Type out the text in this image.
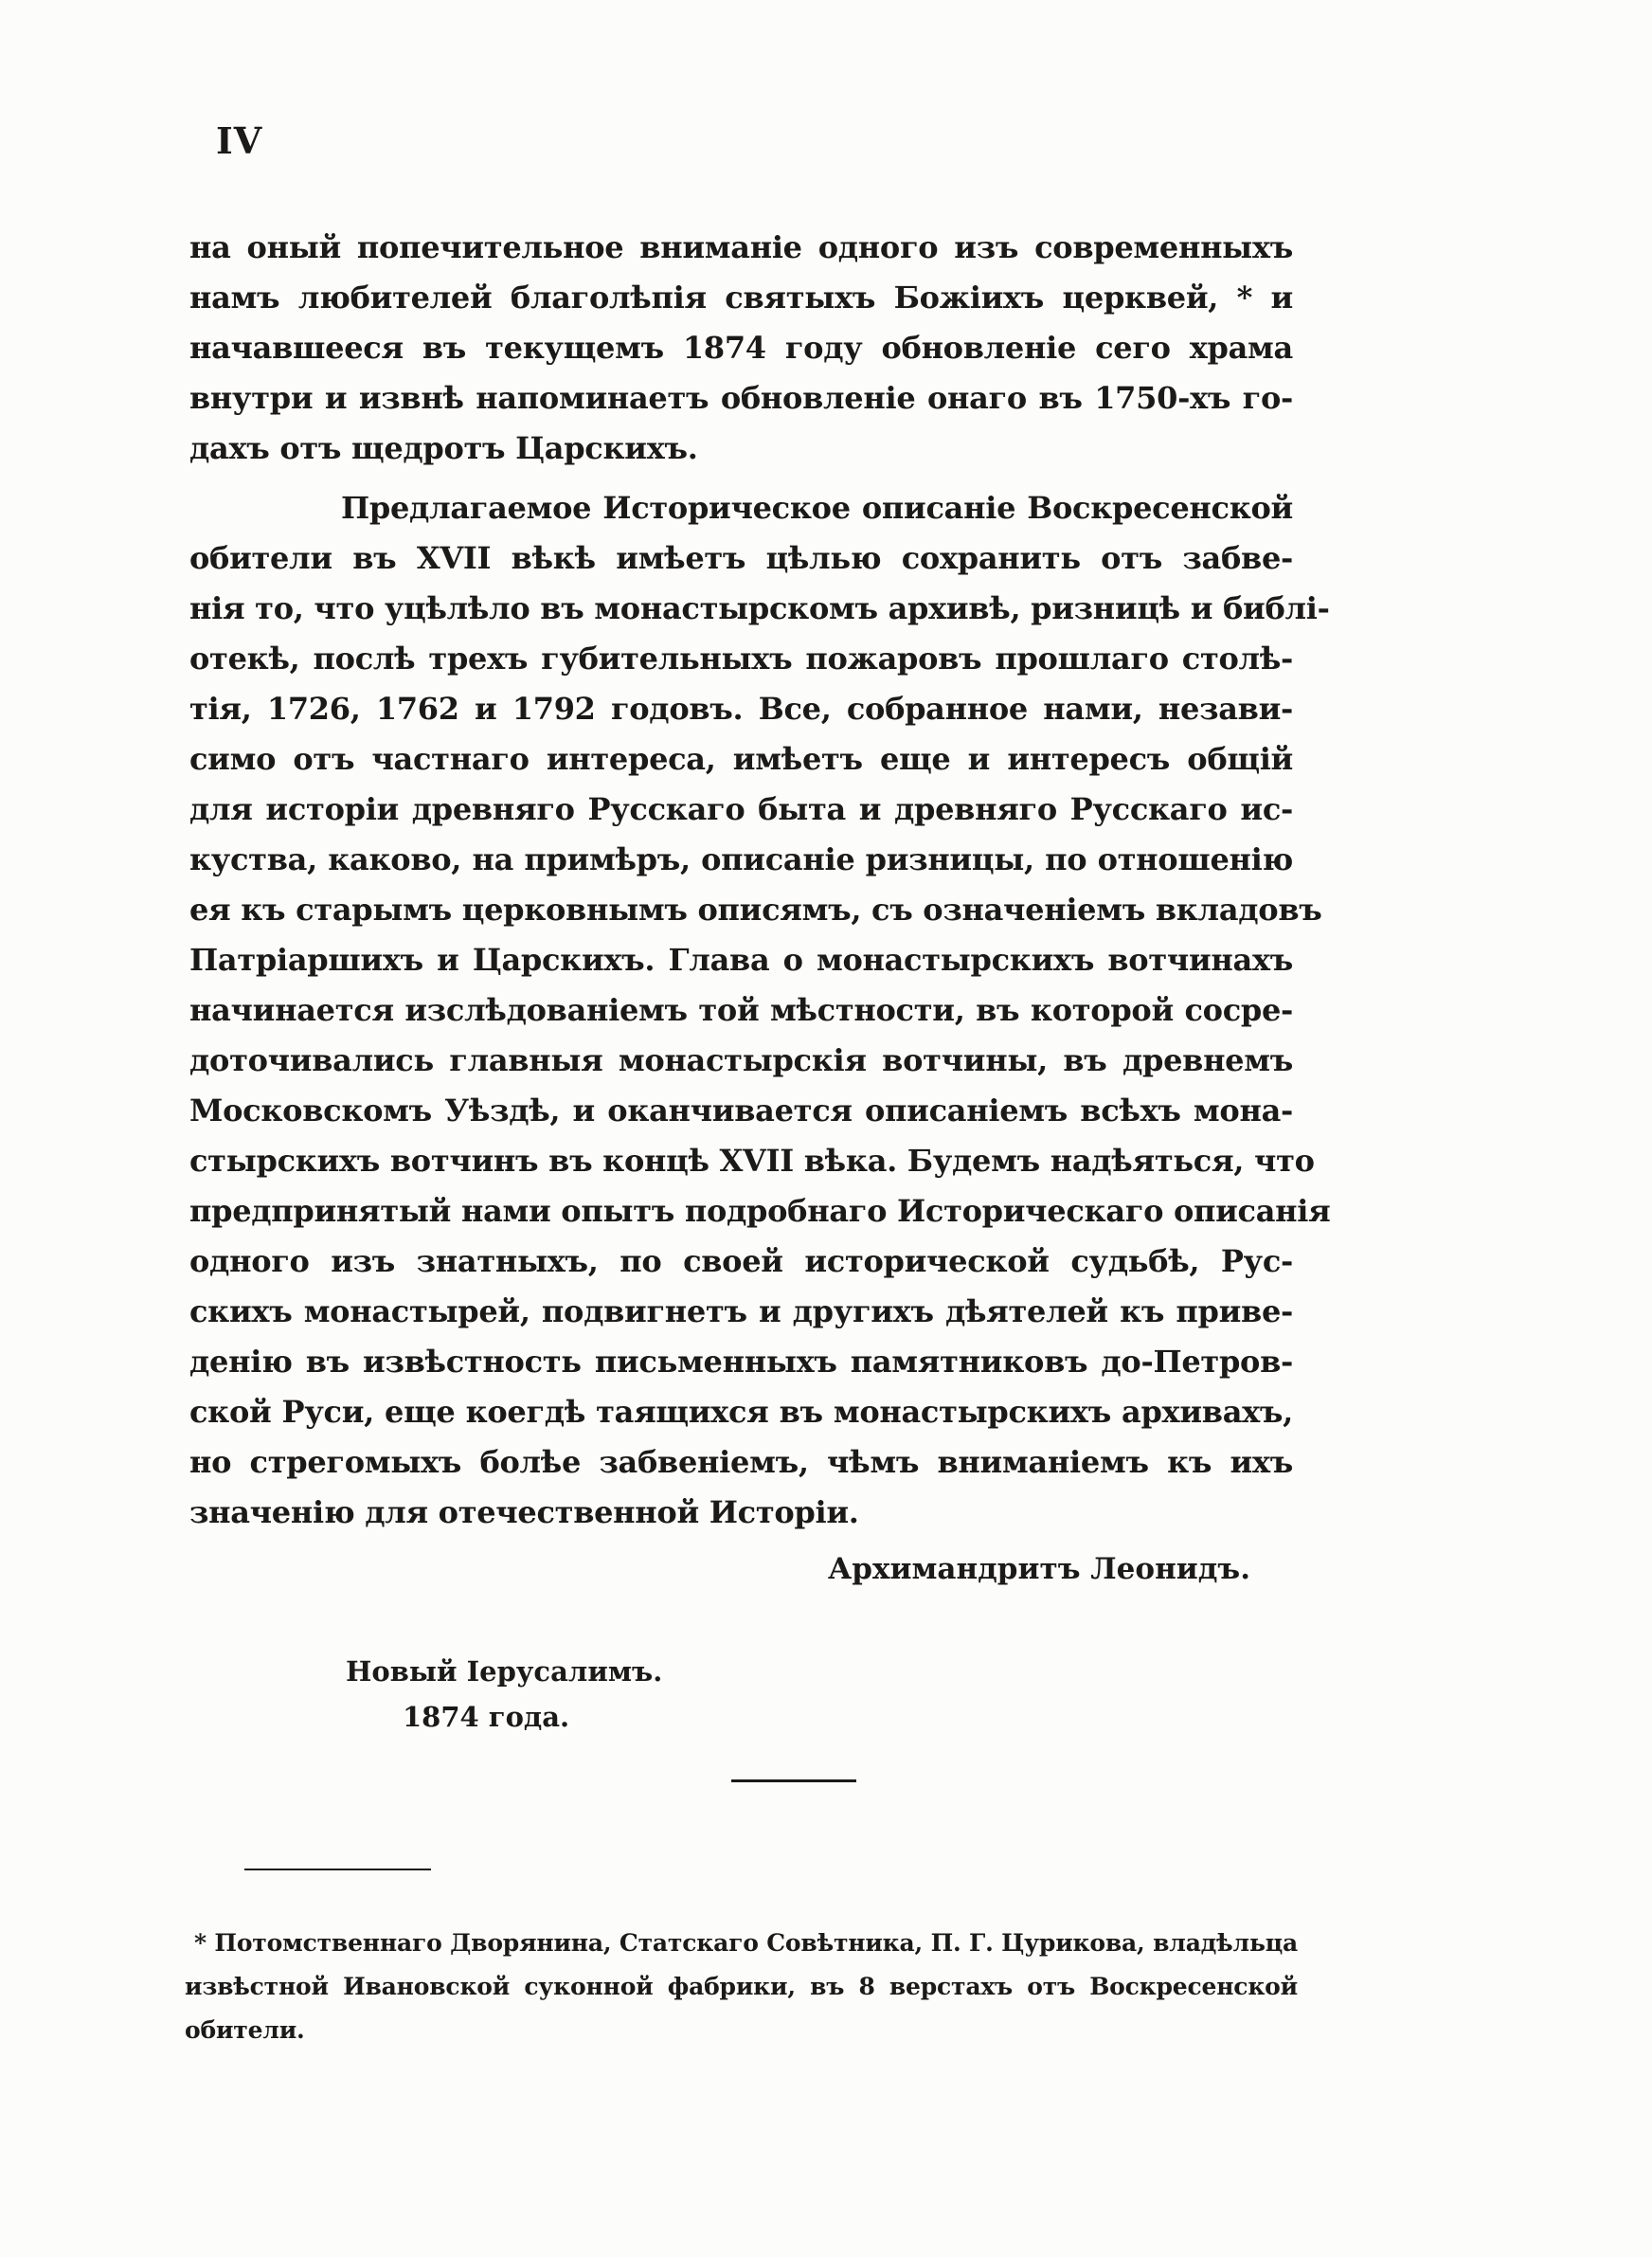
IV
на оный попечительное вниманіе одного изъ современныхъ
намъ любителей благолѣпія святыхъ Божіихъ церквей, * и
начавшееся въ текущемъ 1874 году обновленіе сего храма
внутри и извнѣ напоминаетъ обновленіе онаго въ 1750-хъ го-
дахъ отъ щедротъ Царскихъ.
Предлагаемое Историческое описаніе Воскресенской
обители въ XVII вѣкѣ имѣетъ цѣлью сохранить отъ забве-
нія то, что уцѣлѣло въ монастырскомъ архивѣ, ризницѣ и библі-
отекѣ, послѣ трехъ губительныхъ пожаровъ прошлаго столѣ-
тія, 1726, 1762 и 1792 годовъ. Все, собранное нами, незави-
симо отъ частнаго интереса, имѣетъ еще и интересъ общій
для исторіи древняго Русскаго быта и древняго Русскаго ис-
куства, каково, на примѣръ, описаніе ризницы, по отношенію
ея къ старымъ церковнымъ описямъ, съ означеніемъ вкладовъ
Патріаршихъ и Царскихъ. Глава о монастырскихъ вотчинахъ
начинается изслѣдованіемъ той мѣстности, въ которой сосре-
доточивались главныя монастырскія вотчины, въ древнемъ
Московскомъ Уѣздѣ, и оканчивается описаніемъ всѣхъ мона-
стырскихъ вотчинъ въ концѣ XVII вѣка. Будемъ надѣяться, что
предпринятый нами опытъ подробнаго Историческаго описанія
одного изъ знатныхъ, по своей исторической судьбѣ, Рус-
скихъ монастырей, подвигнетъ и другихъ дѣятелей къ приве-
денію въ извѣстность письменныхъ памятниковъ до-Петров-
ской Руси, еще коегдѣ таящихся въ монастырскихъ архивахъ,
но стрегомыхъ болѣе забвеніемъ, чѣмъ вниманіемъ къ ихъ
значенію для отечественной Исторіи.
Архимандритъ Леонидъ.
Новый Іерусалимъ.
1874 года.
* Потомственнаго Дворянина, Статскаго Совѣтника, П. Г. Цурикова, владѣльца
извѣстной Ивановской суконной фабрики, въ 8 верстахъ отъ Воскресенской
обители.
